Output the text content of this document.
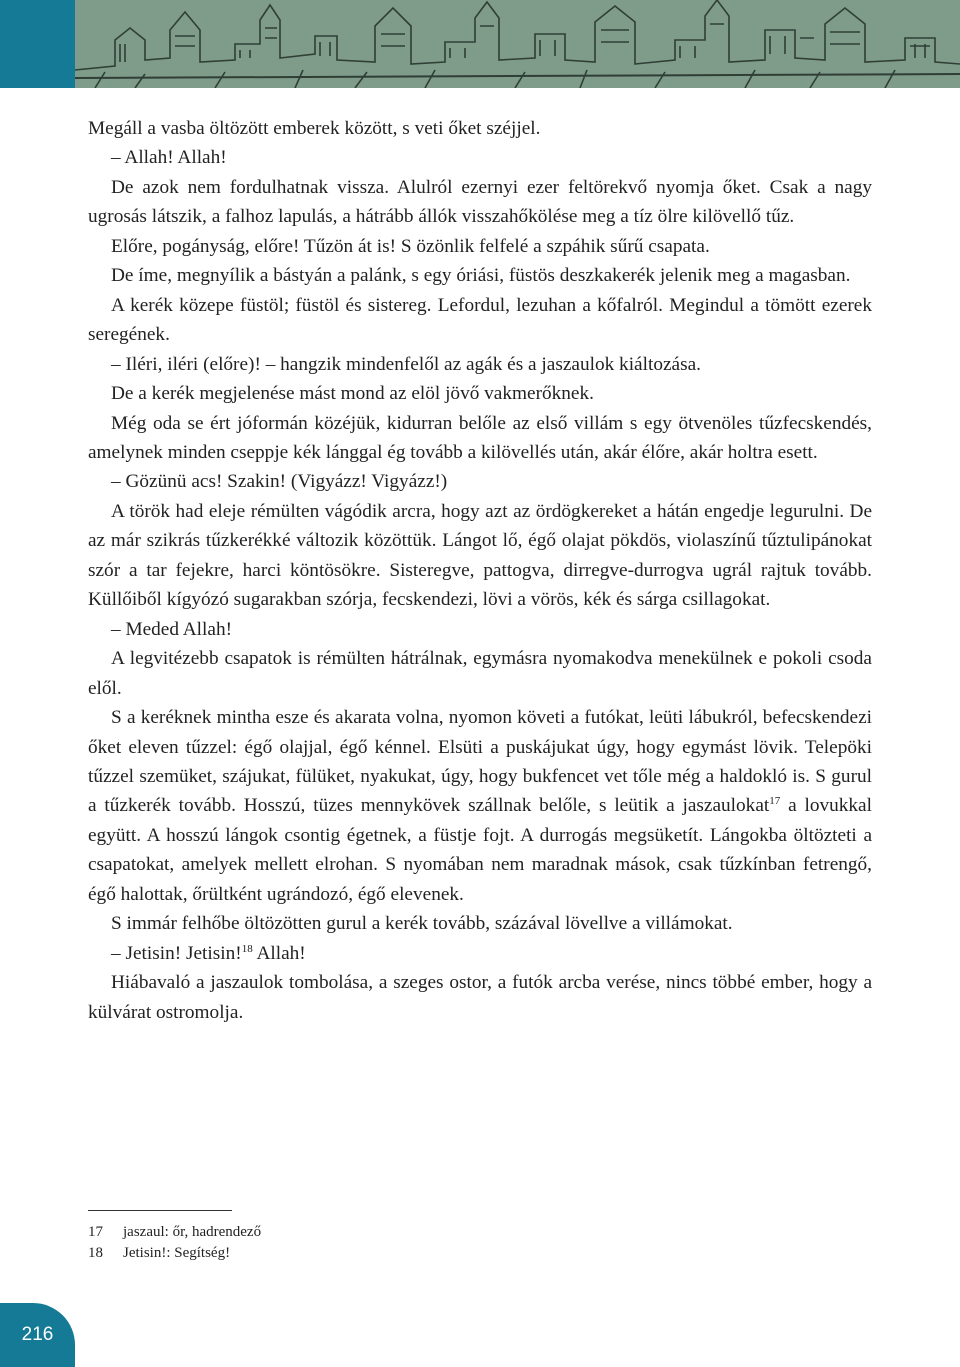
Megáll a vasba öltözött emberek között, s veti őket széjjel.

– Allah! Allah!

De azok nem fordulhatnak vissza. Alulról ezernyi ezer feltörekvő nyomja őket. Csak a nagy ugrosás látszik, a falhoz lapulás, a hátrább állók visszahőkölése meg a tíz ölre kilövellő tűz.

Előre, pogányság, előre! Tűzön át is! S özönlik felfelé a szpáhik sűrű csapata.

De íme, megnyílik a bástyán a palánk, s egy óriási, füstös deszkakerék jelenik meg a magasban.

A kerék közepe füstöl; füstöl és sistereg. Lefordul, lezuhan a kőfalról. Megindul a tömött ezerek seregének.

– Iléri, iléri (előre)! – hangzik mindenfelől az agák és a jaszaulok kiáltozása.

De a kerék megjelenése mást mond az elöl jövő vakmerőknek.

Még oda se ért jóformán közéjük, kidurran belőle az első villám s egy ötvenöles tűzfecskendés, amelynek minden cseppje kék lánggal ég tovább a kilövellés után, akár élőre, akár holtra esett.

– Gözünü acs! Szakin! (Vigyázz! Vigyázz!)

A török had eleje rémülten vágódik arcra, hogy azt az ördögkereket a hátán engedje legurulni. De az már szikrás tűzkerékké változik közöttük. Lángot lő, égő olajat pökdös, violaszínű tűztulipánokat szór a tar fejekre, harci köntösökre. Sisteregve, pattogva, dirregve-durrogva ugrál rajtuk tovább. Küllőiből kígyózó sugarakban szórja, fecskendezi, lövi a vörös, kék és sárga csillagokat.

– Meded Allah!

A legvitézebb csapatok is rémülten hátrálnak, egymásra nyomakodva menekülnek e pokoli csoda elől.

S a keréknek mintha esze és akarata volna, nyomon követi a futókat, leüti lábukról, befecskendezi őket eleven tűzzel: égő olajjal, égő kénnel. Elsüti a puskájukat úgy, hogy egymást lövik. Telepöki tűzzel szemüket, szájukat, fülüket, nyakukat, úgy, hogy bukfencet vet tőle még a haldokló is. S gurul a tűzkerék tovább. Hosszú, tüzes mennykövek szállnak belőle, s leütik a jaszaulokat$^{17}$ a lovukkal együtt. A hosszú lángok csontig égetnek, a füstje fojt. A durrogás megsüketít. Lángokba öltözteti a csapatokat, amelyek mellett elrohan. S nyomában nem maradnak mások, csak tűzkínban fetrengő, égő halottak, őrültként ugrándozó, égő elevenek.

S immár felhőbe öltözötten gurul a kerék tovább, százával lövellve a villámokat.

– Jetisin! Jetisin!$^{18}$ Allah!

Hiábavaló a jaszaulok tombolása, a szeges ostor, a futók arcba verése, nincs többé ember, hogy a külvárat ostromolja.

17 jaszaul: őr, hadrendező
18 Jetisin!: Segítség!
216
